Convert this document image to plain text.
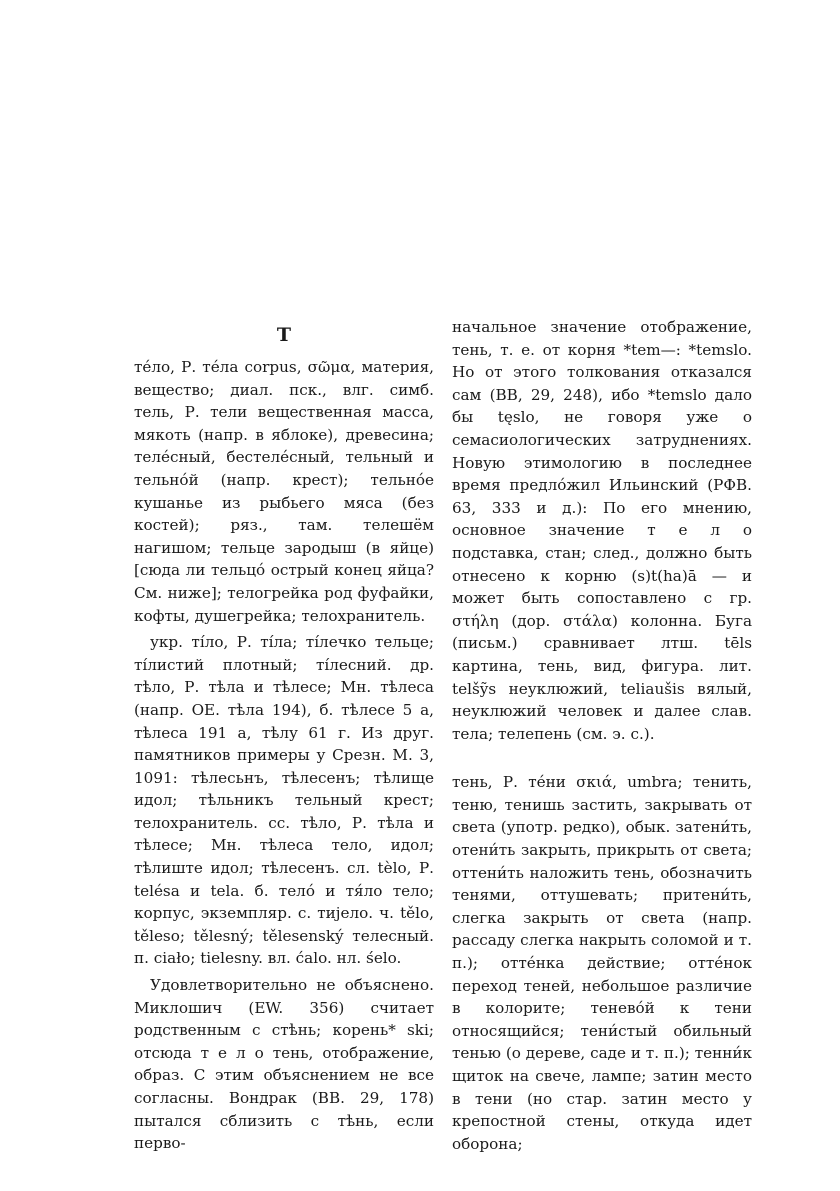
Т

тéло, Р. тéла corpus, σῶμα, материя, вещество; диал. пск., влг. симб. тель, Р. тели вещественная масса, мякоть (напр. в яблоке), древесина; телéсный, бестелéсный, тельный и тельнóй (напр. крест); тельнóе кушанье из рыбьего мяса (без костей); ряз., там. телешём нагишом; тельце зародыш (в яйце) [сюда ли тельцó острый конец яйца? См. ниже]; телогрейка род фуфайки, кофты, душегрейка; телохранитель.

укр. тíло, Р. тíла; тíлечко тельце; тíлистий плотный; тíлесний. др. тѣло, Р. тѣла и тѣлесе; Мн. тѣлеса (напр. ОЕ. тѣла 194), б. тѣлесе 5 а, тѣлеса 191 а, тѣлу 61 г. Из друг. памятников примеры у Срезн. М. 3, 1091: тѣлесьнъ, тѣлесенъ; тѣлище идол; тѣльникъ тельный крест; телохранитель. сс. тѣло, Р. тѣла и тѣлесе; Мн. тѣлеса тело, идол; тѣлиште идол; тѣлесенъ. сл. tèlo, Р. teléѕa и tela. б. телó и тя́ло тело; корпус, экземпляр. с. тијело. ч. tělo, těleso; tělesný; tělesenský телесный. п. ciało; tielesny. вл. ćalo. нл. śelo.

Удовлетворительно не объяснено. Миклошич (EW. 356) считает родственным с стѣнь; корень* ski; отсюда т е л о тень, отображение, образ. С этим объяснением не все согласны. Вондрак (BB. 29, 178) пытался сблизить с тѣнь, если перво-

начальное значение отображение, тень, т. е. от корня *tem—: *temslo. Но от этого толкования отказался сам (BB, 29, 248), ибо *temslo дало бы tęslo, не говоря уже о семасиологических затруднениях. Новую этимологию в последнее время предлóжил Ильинский (РФВ. 63, 333 и д.): По его мнению, основное значение т е л о подставка, стан; след., должно быть отнесено к корню (s)t(ha)ā — и может быть сопоставлено с гр. στήλη (дор. στάλα) колонна. Буга (письм.) сравнивает лтш. tēls картина, тень, вид, фигура. лит. telšỹs неуклюжий, teliaušis вялый, неуклюжий человек и далее слав. тела; телепень (см. э. с.).

тень, Р. тéни σκιά, umbra; тенить, теню, тенишь застить, закрывать от света (употр. редко), обык. затени́ть, отени́ть закрыть, прикрыть от света; оттени́ть наложить тень, обозначить тенями, оттушевать; притени́ть, слегка закрыть от света (напр. рассаду слегка накрыть соломой и т. п.); оттéнка действие; оттéнок переход теней, небольшое различие в колорите; теневóй к тени относящийся; тени́стый обильный тенью (о дереве, саде и т. п.); тенни́к щиток на свече, лампе; затин место в тени (но стар. затин место у крепостной стены, откуда идет оборона;
